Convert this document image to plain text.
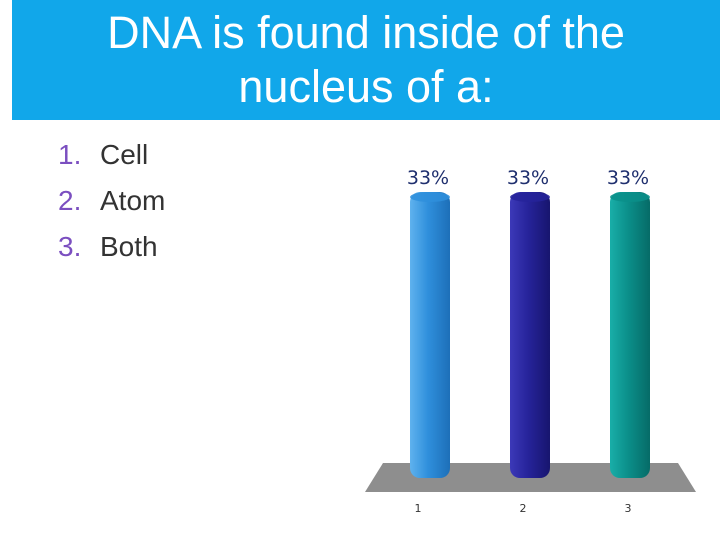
DNA is found inside of the
nucleus of a:
1. Cell
2. Atom
3. Both
33%	33%	33%
1	2	3
